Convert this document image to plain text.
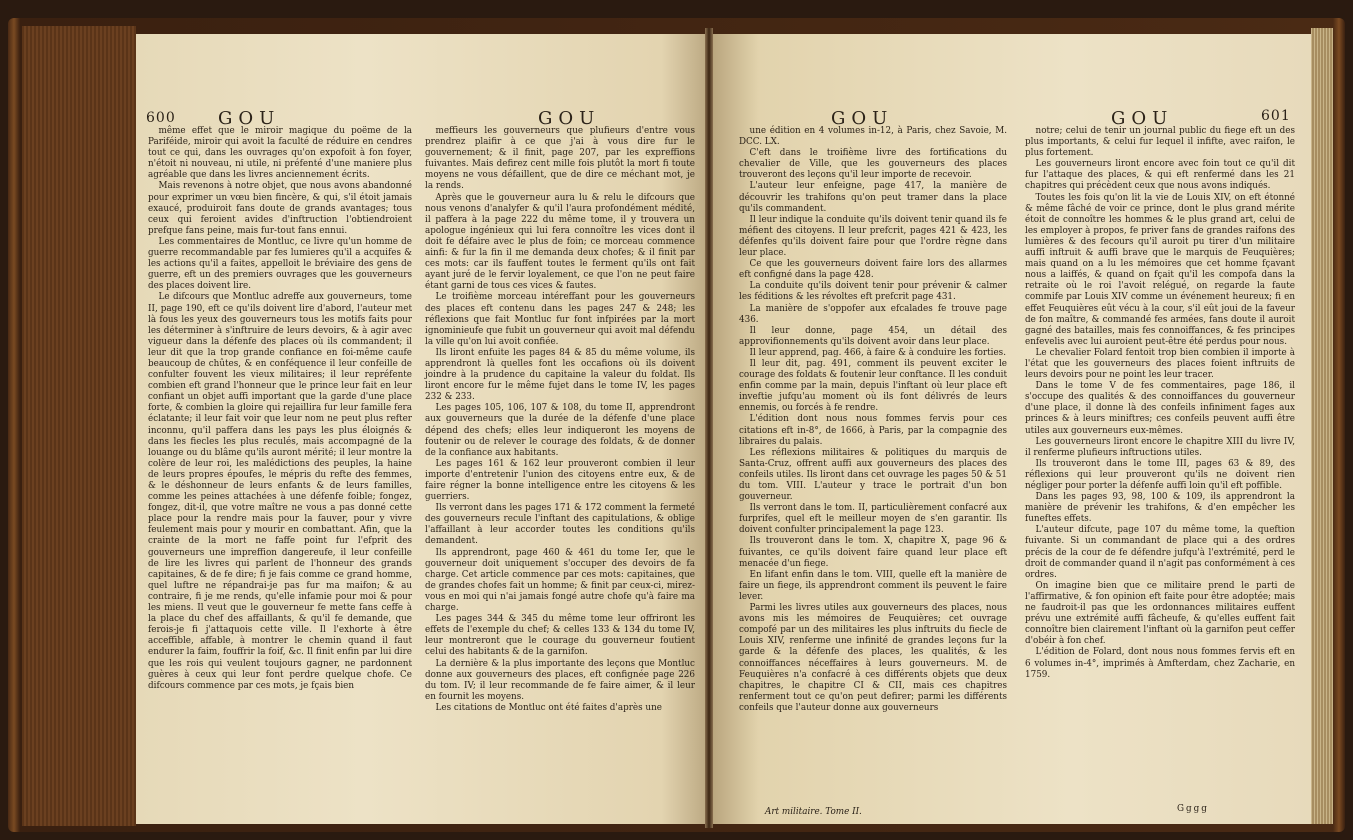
600 GOU	GOU

même effet que le miroir magique du poëme de la Pariféide, miroir qui avoit la faculté de réduire en cendres tout ce qui, dans les ouvrages qu'on expofoit à fon foyer, n'étoit ni nouveau, ni utile, ni préfenté d'une maniere plus agréable que dans les livres anciennement écrits.

Mais revenons à notre objet, que nous avons abandonné pour exprimer un vœu bien fincère, & qui, s'il étoit jamais exaucé, produiroit fans doute de grands avantages; tous ceux qui feroient avides d'inftruction l'obtiendroient prefque fans peine, mais fur-tout fans ennui.

Les commentaires de Montluc, ce livre qu'un homme de guerre recommandable par fes lumieres qu'il a acquifes & les actions qu'il a faites, appelloit le bréviaire des gens de guerre, eft un des premiers ouvrages que les gouverneurs des places doivent lire.

Le difcours que Montluc adreffe aux gouverneurs, tome II, page 190, eft ce qu'ils doivent lire d'abord, l'auteur met là fous les yeux des gouverneurs tous les motifs faits pour les déterminer à s'inftruire de leurs devoirs, & à agir avec vigueur dans la défenfe des places où ils commandent; il leur dit que la trop grande confiance en foi-même caufe beaucoup de chûtes, & en conféquence il leur confeille de confulter fouvent les vieux militaires; il leur repréfente combien eft grand l'honneur que le prince leur fait en leur confiant un objet auffi important que la garde d'une place forte, & combien la gloire qui rejaillira fur leur famille fera éclatante; il leur fait voir que leur nom ne peut plus refter inconnu, qu'il paffera dans les pays les plus éloignés & dans les fiecles les plus reculés, mais accompagné de la louange ou du blâme qu'ils auront mérité; il leur montre la colère de leur roi, les malédictions des peuples, la haine de leurs propres époufes, le mépris du refte des femmes, & le déshonneur de leurs enfants & de leurs familles, comme les peines attachées à une défenfe foible; fongez, fongez, dit-il, que votre maître ne vous a pas donné cette place pour la rendre mais pour la fauver, pour y vivre feulement mais pour y mourir en combattant. Afin, que la crainte de la mort ne faffe point fur l'efprit des gouverneurs une impreffion dangereufe, il leur confeille de lire les livres qui parlent de l'honneur des grands capitaines, & de fe dire; fi je fais comme ce grand homme, quel luftre ne répandrai-je pas fur ma maifon; & au contraire, fi je me rends, qu'elle infamie pour moi & pour les miens. Il veut que le gouverneur fe mette fans ceffe à la place du chef des affaillants, & qu'il fe demande, que ferois-je fi j'attaquois cette ville. Il l'exhorte à être acceffible, affable, à montrer le chemin quand il faut endurer la faim, fouffrir la foif, &c. Il finit enfin par lui dire que les rois qui veulent toujours gagner, ne pardonnent guères à ceux qui leur font perdre quelque chofe. Ce difcours commence par ces mots, je fçais bien

meffieurs les gouverneurs que plufieurs d'entre vous prendrez plaifir à ce que j'ai à vous dire fur le gouvernement; & il finit, page 207, par les expreffions fuivantes. Mais defirez cent mille fois plutôt la mort fi toute moyens ne vous défaillent, que de dire ce méchant mot, je la rends.

Après que le gouverneur aura lu & relu le difcours que nous venons d'analyfer & qu'il l'aura profondément médité, il paffera à la page 222 du même tome, il y trouvera un apologue ingénieux qui lui fera connoître les vices dont il doit fe défaire avec le plus de foin; ce morceau commence ainfi: & fur la fin il me demanda deux chofes; & il finit par ces mots: car ils fauffent toutes le ferment qu'ils ont fait ayant juré de le fervir loyalement, ce que l'on ne peut faire étant garni de tous ces vices & fautes.

Le troifième morceau intéreffant pour les gouverneurs des places eft contenu dans les pages 247 & 248; les réflexions que fait Montluc fur font infpirées par la mort ignominieufe que fubit un gouverneur qui avoit mal défendu la ville qu'on lui avoit confiée.

Ils liront enfuite les pages 84 & 85 du même volume, ils apprendront là quelles font les occafions où ils doivent joindre à la prudence du capitaine la valeur du foldat. Ils liront encore fur le même fujet dans le tome IV, les pages 232 & 233.

Les pages 105, 106, 107 & 108, du tome II, apprendront aux gouverneurs que la durée de la défenfe d'une place dépend des chefs; elles leur indiqueront les moyens de foutenir ou de relever le courage des foldats, & de donner de la confiance aux habitants.

Les pages 161 & 162 leur prouveront combien il leur importe d'entretenir l'union des citoyens entre eux, & de faire régner la bonne intelligence entre les citoyens & les guerriers.

Ils verront dans les pages 171 & 172 comment la fermeté des gouverneurs recule l'inftant des capitulations, & oblige l'affaillant à leur accorder toutes les conditions qu'ils demandent.

Ils apprendront, page 460 & 461 du tome Ier, que le gouverneur doit uniquement s'occuper des devoirs de fa charge. Cet article commence par ces mots: capitaines, que de grandes chofes fait un homme; & finit par ceux-ci, mirez-vous en moi qui n'ai jamais fongé autre chofe qu'à faire ma charge.

Les pages 344 & 345 du même tome leur offriront les effets de l'exemple du chef; & celles 133 & 134 du tome IV, leur montreront que le courage du gouverneur foutient celui des habitants & de la garnifon.

La dernière & la plus importante des leçons que Montluc donne aux gouverneurs des places, eft confignée page 226 du tom. IV; il leur recommande de fe faire aimer, & il leur en fournit les moyens.

Les citations de Montluc ont été faites d'après une

GOU	GOU	601

une édition en 4 volumes in-12, à Paris, chez Savoie, M. DCC. LX.

C'eft dans le troifième livre des fortifications du chevalier de Ville, que les gouverneurs des places trouveront des leçons qu'il leur importe de recevoir.

L'auteur leur enfeigne, page 417, la manière de découvrir les trahifons qu'on peut tramer dans la place qu'ils commandent.

Il leur indique la conduite qu'ils doivent tenir quand ils fe méfient des citoyens. Il leur prefcrit, pages 421 & 423, les défenfes qu'ils doivent faire pour que l'ordre règne dans leur place.

Ce que les gouverneurs doivent faire lors des allarmes eft configné dans la page 428.

La conduite qu'ils doivent tenir pour prévenir & calmer les féditions & les révoltes eft prefcrit page 431.

La manière de s'oppofer aux efcalades fe trouve page 436.

Il leur donne, page 454, un détail des approvifionnements qu'ils doivent avoir dans leur place.

Il leur apprend, pag. 466, à faire & à conduire les forties.

Il leur dit, pag. 491, comment ils peuvent exciter le courage des foldats & foutenir leur conftance. Il les conduit enfin comme par la main, depuis l'inftant où leur place eft inveftie jufqu'au moment où ils font délivrés de leurs ennemis, ou forcés à fe rendre.

L'édition dont nous nous fommes fervis pour ces citations eft in-8°, de 1666, à Paris, par la compagnie des libraires du palais.

Les réflexions militaires & politiques du marquis de Santa-Cruz, offrent auffi aux gouverneurs des places des confeils utiles. Ils liront dans cet ouvrage les pages 50 & 51 du tom. VIII. L'auteur y trace le portrait d'un bon gouverneur.

Ils verront dans le tom. II, particulièrement confacré aux furprifes, quel eft le meilleur moyen de s'en garantir. Ils doivent confulter principalement la page 123.

Ils trouveront dans le tom. X, chapitre X, page 96 & fuivantes, ce qu'ils doivent faire quand leur place eft menacée d'un fiege.

En lifant enfin dans le tom. VIII, quelle eft la manière de faire un fiege, ils apprendront comment ils peuvent le faire lever.

Parmi les livres utiles aux gouverneurs des places, nous avons mis les mémoires de Feuquières; cet ouvrage compofé par un des militaires les plus inftruits du fiecle de Louis XIV, renferme une infinité de grandes leçons fur la garde & la défenfe des places, les qualités, & les connoiffances néceffaires à leurs gouverneurs. M. de Feuquières n'a confacré à ces différents objets que deux chapitres, le chapitre CI & CII, mais ces chapitres renferment tout ce qu'on peut defirer; parmi les différents confeils que l'auteur donne aux gouverneurs

notre; celui de tenir un journal public du fiege eft un des plus importants, & celui fur lequel il infifte, avec raifon, le plus fortement.

Les gouverneurs liront encore avec foin tout ce qu'il dit fur l'attaque des places, & qui eft renfermé dans les 21 chapitres qui précèdent ceux que nous avons indiqués.

Toutes les fois qu'on lit la vie de Louis XIV, on eft étonné & même fâché de voir ce prince, dont le plus grand mérite étoit de connoître les hommes & le plus grand art, celui de les employer à propos, fe priver fans de grandes raifons des lumières & des fecours qu'il auroit pu tirer d'un militaire auffi inftruit & auffi brave que le marquis de Feuquières; mais quand on a lu les mémoires que cet homme fçavant nous a laiffés, & quand on fçait qu'il les compofa dans la retraite où le roi l'avoit relégué, on regarde la faute commife par Louis XIV comme un événement heureux; fi en effet Feuquières eût vécu à la cour, s'il eût joui de la faveur de fon maître, & commandé fes armées, fans doute il auroit gagné des batailles, mais fes connoiffances, & fes principes enfevelis avec lui auroient peut-être été perdus pour nous.

Le chevalier Folard fentoit trop bien combien il importe à l'état que les gouverneurs des places foient inftruits de leurs devoirs pour ne point les leur tracer.

Dans le tome V de fes commentaires, page 186, il s'occupe des qualités & des connoiffances du gouverneur d'une place, il donne là des confeils infiniment fages aux princes & à leurs miniftres; ces confeils peuvent auffi être utiles aux gouverneurs eux-mêmes.

Les gouverneurs liront encore le chapitre XIII du livre IV, il renferme plufieurs inftructions utiles.

Ils trouveront dans le tome III, pages 63 & 89, des réflexions qui leur prouveront qu'ils ne doivent rien négliger pour porter la défenfe auffi loin qu'il eft poffible.

Dans les pages 93, 98, 100 & 109, ils apprendront la manière de prévenir les trahifons, & d'en empêcher les funeftes effets.

L'auteur difcute, page 107 du même tome, la queftion fuivante. Si un commandant de place qui a des ordres précis de la cour de fe défendre jufqu'à l'extrémité, perd le droit de commander quand il n'agit pas conformément à ces ordres.

On imagine bien que ce militaire prend le parti de l'affirmative, & fon opinion eft faite pour être adoptée; mais ne faudroit-il pas que les ordonnances militaires euffent prévu une extrémité auffi fâcheufe, & qu'elles euffent fait connoître bien clairement l'inftant où la garnifon peut ceffer d'obéir à fon chef.

L'édition de Folard, dont nous nous fommes fervis eft en 6 volumes in-4°, imprimés à Amfterdam, chez Zacharie, en 1759.

Art militaire. Tome II.	Gggg
